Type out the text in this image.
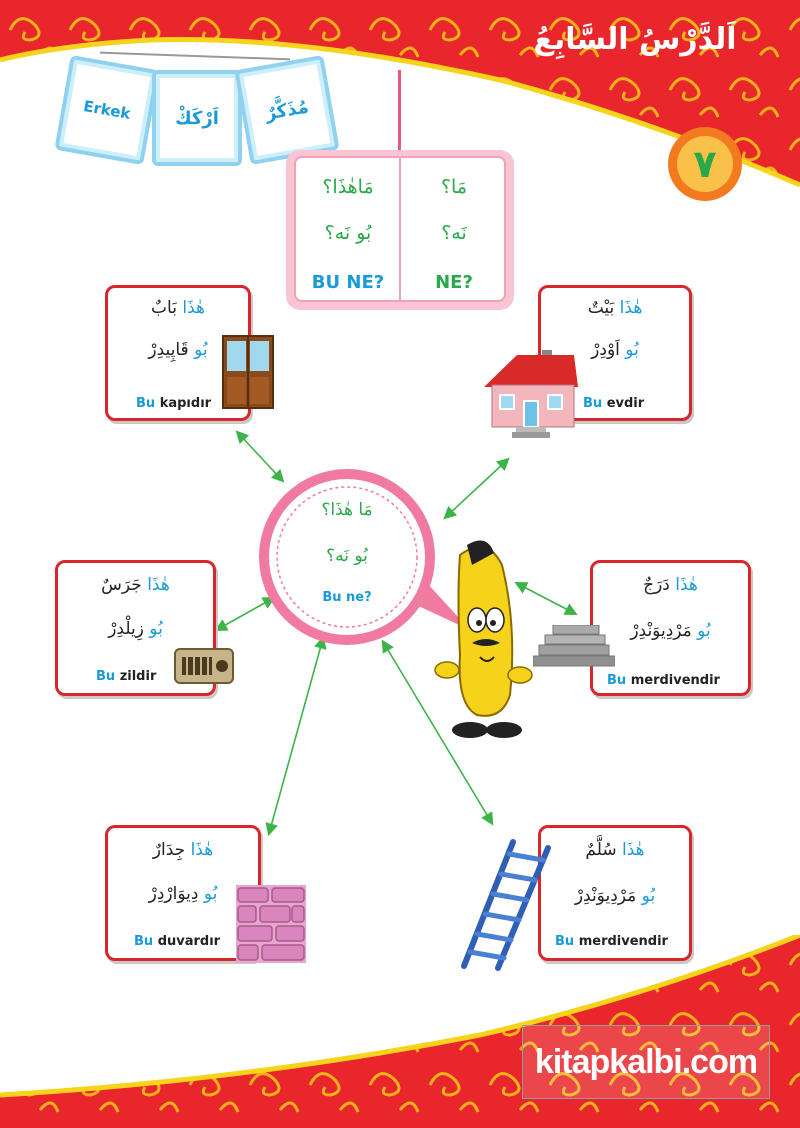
اَلدَّرْسُ السَّابِعُ
٧
Erkek اَرْكَكْ	مُذَكَّرٌ
مَاهٰذَا؟
بُو نَه؟
BU NE?
مَا؟
نَه؟
NE?
مَا هٰذَا؟
بُو نَه؟
Bu ne?
هٰذَا بَابٌ
بُو قَاپِيدِرْ
Bu kapıdır
هٰذَا بَيْتٌ
بُو اَوْدِرْ
Bu evdir
هٰذَا جَرَسٌ
بُو زِيلْدِرْ
Bu zildir
هٰذَا دَرَجٌ
بُو مَرْدِيوَنْدِرْ
Bu merdivendir
هٰذَا جِدَارٌ
بُو دِيوَارْدِرْ
Bu duvardır
هٰذَا سُلَّمٌ
بُو مَرْدِيوَنْدِرْ
Bu merdivendir
kitapkalbi.com
